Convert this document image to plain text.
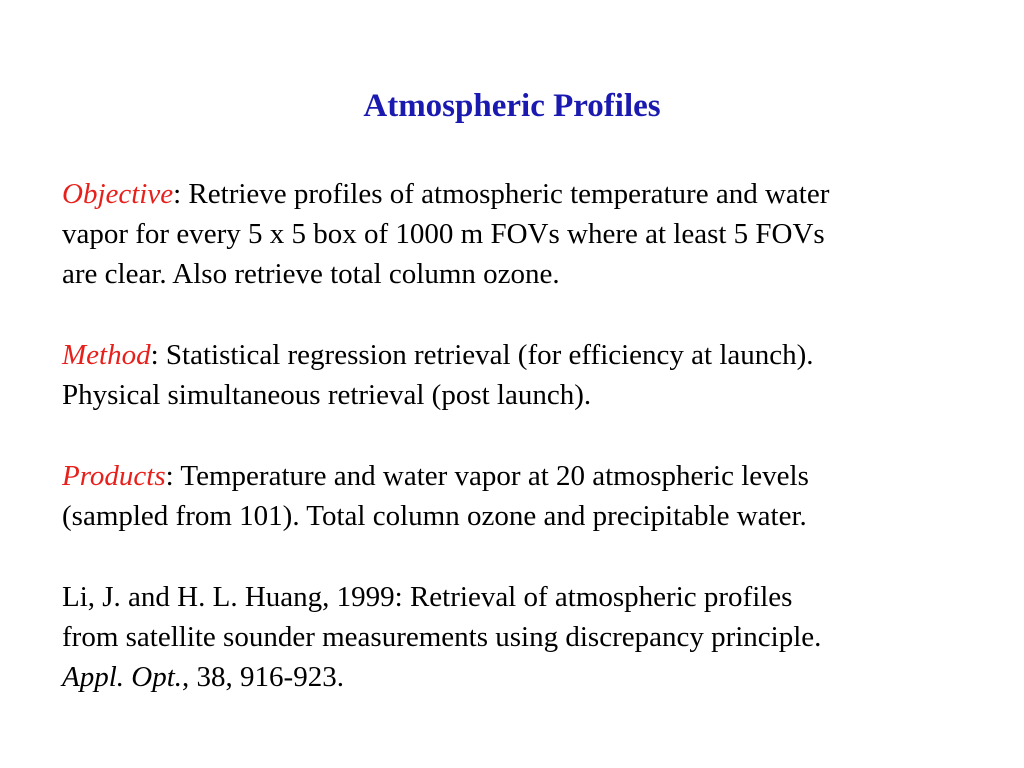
Atmospheric Profiles
Objective: Retrieve profiles of atmospheric temperature and water
vapor for every 5 x 5 box of 1000 m FOVs where at least 5 FOVs
are clear. Also retrieve total column ozone.
Method: Statistical regression retrieval (for efficiency at launch).
Physical simultaneous retrieval (post launch).
Products: Temperature and water vapor at 20 atmospheric levels
(sampled from 101). Total column ozone and precipitable water.
Li, J. and H. L. Huang, 1999: Retrieval of atmospheric profiles
from satellite sounder measurements using discrepancy principle.
Appl. Opt., 38, 916-923.
